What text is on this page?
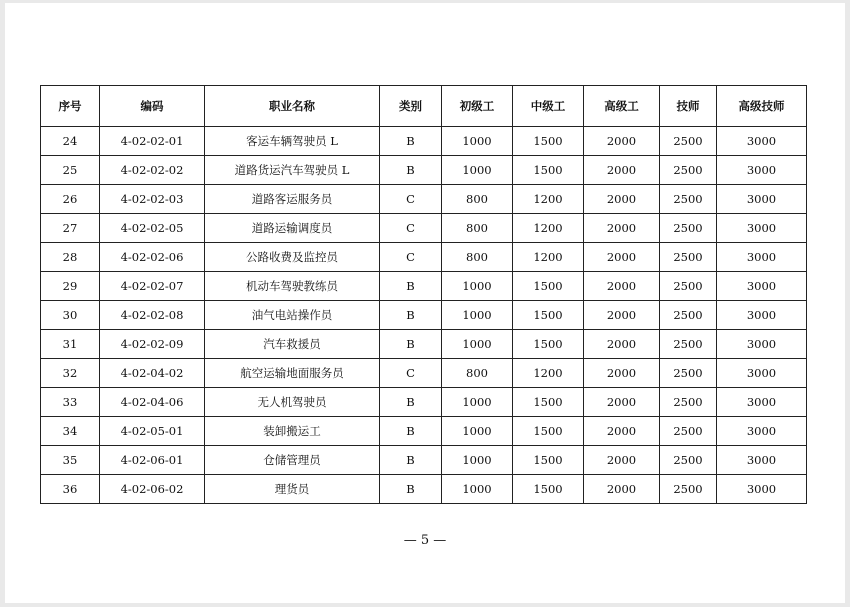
序号	编码	职业名称	类别	初级工	中级工	高级工	技师	高级技师
24	4-02-02-01	客运车辆驾驶员 L	B	1000	1500	2000	2500	3000
25	4-02-02-02	道路货运汽车驾驶员 L	B	1000	1500	2000	2500	3000
26	4-02-02-03	道路客运服务员	C	800	1200	2000	2500	3000
27	4-02-02-05	道路运输调度员	C	800	1200	2000	2500	3000
28	4-02-02-06	公路收费及监控员	C	800	1200	2000	2500	3000
29	4-02-02-07	机动车驾驶教练员	B	1000	1500	2000	2500	3000
30	4-02-02-08	油气电站操作员	B	1000	1500	2000	2500	3000
31	4-02-02-09	汽车救援员	B	1000	1500	2000	2500	3000
32	4-02-04-02	航空运输地面服务员	C	800	1200	2000	2500	3000
33	4-02-04-06	无人机驾驶员	B	1000	1500	2000	2500	3000
34	4-02-05-01	装卸搬运工	B	1000	1500	2000	2500	3000
35	4-02-06-01	仓储管理员	B	1000	1500	2000	2500	3000
36	4-02-06-02	理货员	B	1000	1500	2000	2500	3000
— 5 —
